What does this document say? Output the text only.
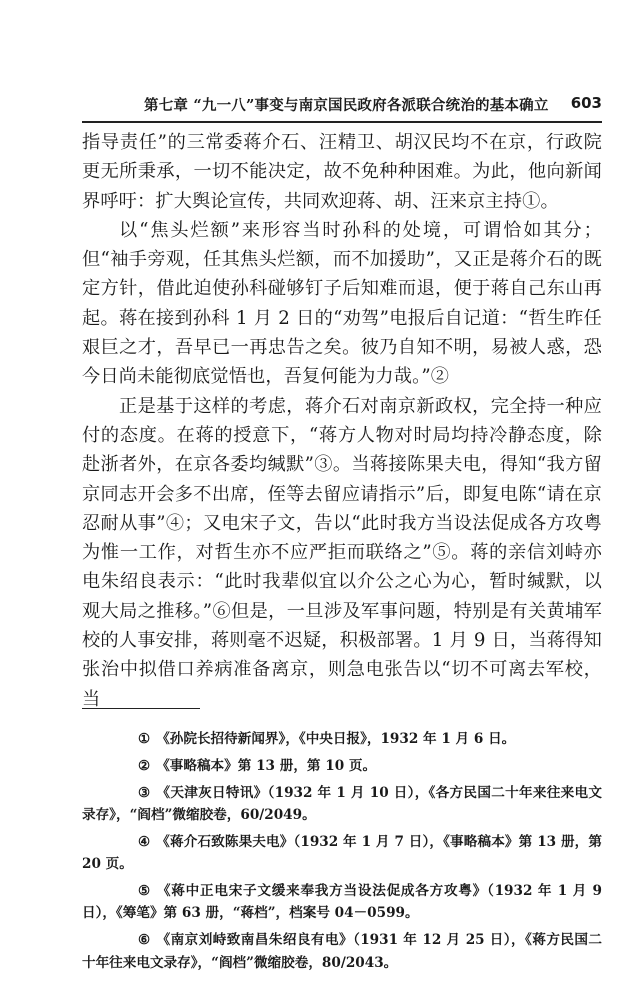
第七章 “九一八”事变与南京国民政府各派联合统治的基本确立 603

指导责任”的三常委蒋介石、汪精卫、胡汉民均不在京，行政院更无所秉承，一切不能决定，故不免种种困难。为此，他向新闻界呼吁：扩大舆论宣传，共同欢迎蒋、胡、汪来京主持①。

以“焦头烂额”来形容当时孙科的处境，可谓恰如其分；但“袖手旁观，任其焦头烂额，而不加援助”，又正是蒋介石的既定方针，借此迫使孙科碰够钉子后知难而退，便于蒋自己东山再起。蒋在接到孙科 1 月 2 日的“劝驾”电报后自记道：“哲生昨任艰巨之才，吾早已一再忠告之矣。彼乃自知不明，易被人惑，恐今日尚未能彻底觉悟也，吾复何能为力哉。”②

正是基于这样的考虑，蒋介石对南京新政权，完全持一种应付的态度。在蒋的授意下，“蒋方人物对时局均持冷静态度，除赴浙者外，在京各委均缄默”③。当蒋接陈果夫电，得知“我方留京同志开会多不出席，侄等去留应请指示”后，即复电陈“请在京忍耐从事”④；又电宋子文，告以“此时我方当设法促成各方攻粤为惟一工作，对哲生亦不应严拒而联络之”⑤。蒋的亲信刘峙亦电朱绍良表示：“此时我辈似宜以介公之心为心，暂时缄默，以观大局之推移。”⑥但是，一旦涉及军事问题，特别是有关黄埔军校的人事安排，蒋则毫不迟疑，积极部署。1 月 9 日，当蒋得知张治中拟借口养病准备离京，则急电张告以“切不可离去军校，当

① 《孙院长招待新闻界》，《中央日报》，1932 年 1 月 6 日。

② 《事略稿本》第 13 册，第 10 页。

③ 《天津灰日特讯》（1932 年 1 月 10 日），《各方民国二十年来往来电文录存》，“阎档”微缩胶卷，60/2049。

④ 《蒋介石致陈果夫电》（1932 年 1 月 7 日），《事略稿本》第 13 册，第 20 页。

⑤ 《蒋中正电宋子文缓来奉我方当设法促成各方攻粤》（1932 年 1 月 9 日），《筹笔》第 63 册，“蒋档”，档案号 04－0599。

⑥ 《南京刘峙致南昌朱绍良有电》（1931 年 12 月 25 日），《蒋方民国二十年往来电文录存》，“阎档”微缩胶卷，80/2043。
